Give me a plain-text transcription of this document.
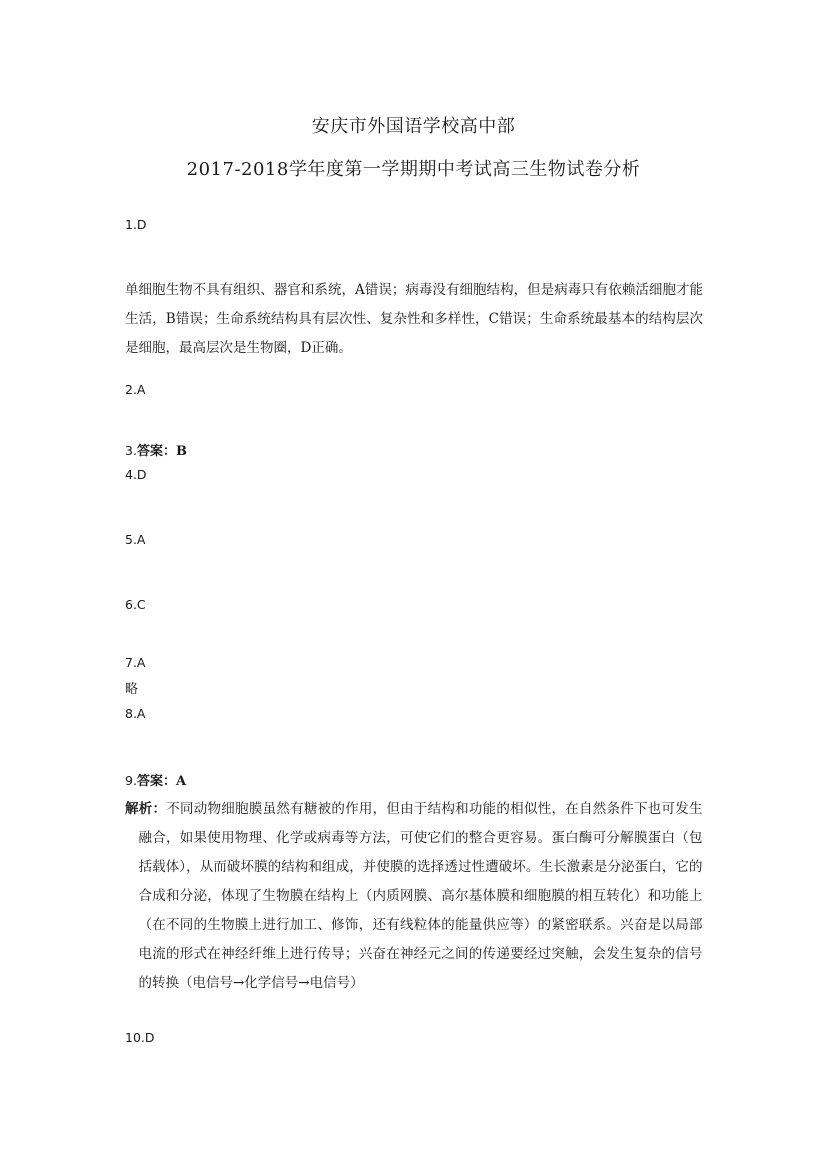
安庆市外国语学校高中部
2017-2018学年度第一学期期中考试高三生物试卷分析
1.D
单细胞生物不具有组织、器官和系统，A错误；病毒没有细胞结构，但是病毒只有依赖活细胞才能生活，B错误；生命系统结构具有层次性、复杂性和多样性，C错误；生命系统最基本的结构层次是细胞，最高层次是生物圈，D正确。
2.A
3.答案：B
4.D
5.A
6.C
7.A
略
8.A
9.答案：A
解析：不同动物细胞膜虽然有糖被的作用，但由于结构和功能的相似性，在自然条件下也可发生融合，如果使用物理、化学或病毒等方法，可使它们的整合更容易。蛋白酶可分解膜蛋白（包括载体），从而破坏膜的结构和组成，并使膜的选择透过性遭破坏。生长激素是分泌蛋白，它的合成和分泌，体现了生物膜在结构上（内质网膜、高尔基体膜和细胞膜的相互转化）和功能上（在不同的生物膜上进行加工、修饰，还有线粒体的能量供应等）的紧密联系。兴奋是以局部电流的形式在神经纤维上进行传导；兴奋在神经元之间的传递要经过突触，会发生复杂的信号的转换（电信号→化学信号→电信号）
10.D
